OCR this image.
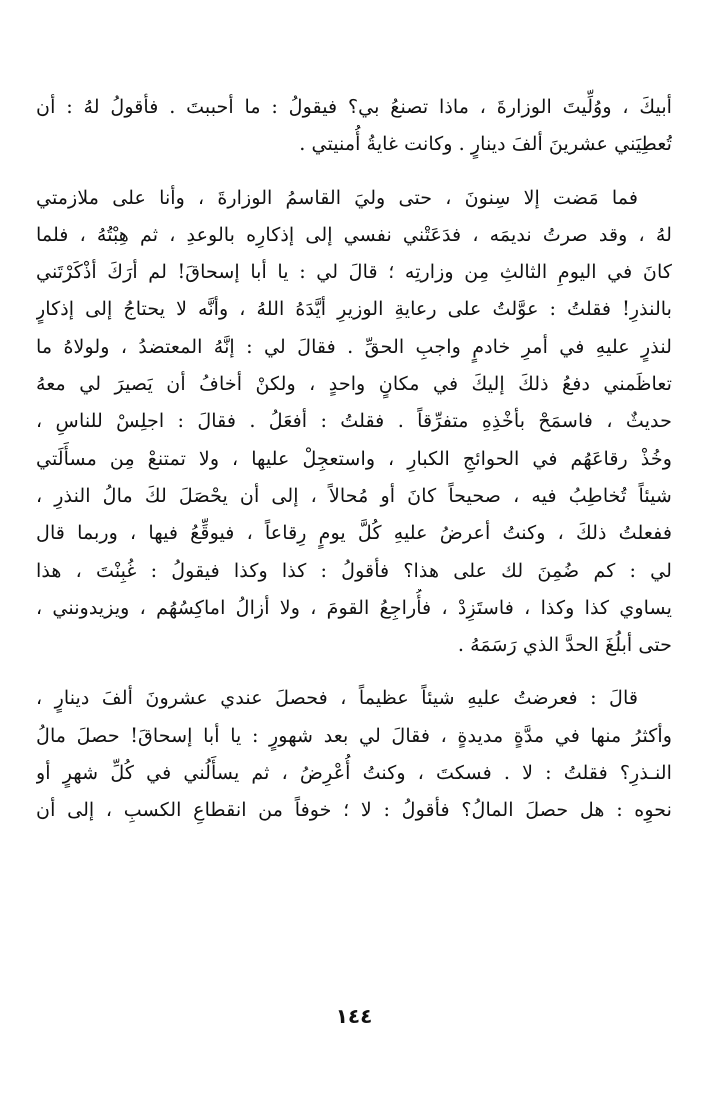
أبيكَ ، ووُلِّيتَ الوزارةَ ، ماذا تصنعُ بي؟ فيقولُ : ما أحببتَ . فأقولُ لهُ : أن
تُعطِيَني عشرينَ ألفَ دينارٍ . وكانت غايةُ أُمنيتي .
فما مَضت إلا سِنونَ ، حتى وليَ القاسمُ الوزارةَ ، وأنا على ملازمتي
لهُ ، وقد صرتُ نديمَه ، فدَعَتْني نفسي إلى إذكارِه بالوعدِ ، ثم هِبْتُهُ ، فلما
كانَ في اليومِ الثالثِ مِن وزارتِه ؛ قالَ لي : يا أبا إسحاقَ! لم أرَكَ أذْكَرْتَني
بالنذرِ! فقلتُ : عوَّلتُ على رعايةِ الوزيرِ أيَّدَهُ اللهُ ، وأنَّه لا يحتاجُ إلى إذكارٍ
لنذرٍ عليهِ في أمرِ خادمٍ واجبِ الحقِّ . فقالَ لي : إنَّهُ المعتضدُ ، ولولاهُ ما
تعاظَمني دفعُ ذلكَ إليكَ في مكانٍ واحدٍ ، ولكنْ أخافُ أن يَصيرَ لي معهُ
حديثٌ ، فاسمَحْ بأخْذِهِ متفرِّقاً . فقلتُ : أفعَلُ . فقالَ : اجلِسْ للناسِ ،
وخُذْ رقاعَهُم في الحوائجِ الكبارِ ، واستعجِلْ عليها ، ولا تمتنعْ مِن مسأَلَتي
شيئاً تُخاطِبُ فيه ، صحيحاً كانَ أو مُحالاً ، إلى أن يحْصَلَ لكَ مالُ النذرِ ،
ففعلتُ ذلكَ ، وكنتُ أعرضُ عليهِ كُلَّ يومٍ رِقاعاً ، فيوقِّعُ فيها ، وربما قال
لي : كم ضُمِنَ لك على هذا؟ فأقولُ : كذا وكذا فيقولُ : غُبِنْتَ ، هذا
يساوي كذا وكذا ، فاستَزِدْ ، فأُراجِعُ القومَ ، ولا أزالُ اماكِسُهُم ، ويزيدونني ،
حتى أبلُغَ الحدَّ الذي رَسَمَهُ .
قالَ : فعرضتُ عليهِ شيئاً عظيماً ، فحصلَ عندي عشرونَ ألفَ دينارٍ ،
وأكثرُ منها في مدَّةٍ مديدةٍ ، فقالَ لي بعد شهورٍ : يا أبا إسحاقَ! حصلَ مالُ
النـذرِ؟ فقلتُ : لا . فسكتَ ، وكنتُ أُعْرِضُ ، ثم يسأَلُني في كُلِّ شهرٍ أو
نحوِه : هل حصلَ المالُ؟ فأقولُ : لا ؛ خوفاً من انقطاعِ الكسبِ ، إلى أن
١٤٤
